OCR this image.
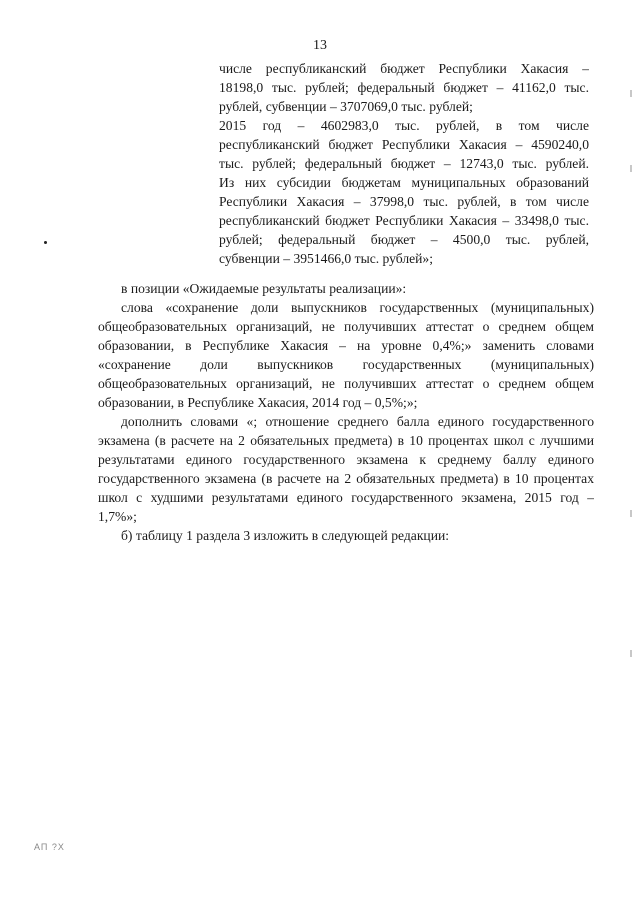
13
числе республиканский бюджет Республики Хакасия –
18198,0 тыс. рублей; федеральный бюджет – 41162,0 тыс.
рублей, субвенции – 3707069,0 тыс. рублей;
2015 год – 4602983,0 тыс. рублей, в том числе
республиканский бюджет Республики Хакасия – 4590240,0
тыс. рублей; федеральный бюджет – 12743,0 тыс. рублей.
Из них субсидии бюджетам муниципальных образований
Республики Хакасия – 37998,0 тыс. рублей, в том числе
республиканский бюджет Республики Хакасия – 33498,0 тыс.
рублей; федеральный бюджет – 4500,0 тыс. рублей,
субвенции – 3951466,0 тыс. рублей»;
в позиции «Ожидаемые результаты реализации»:
слова «сохранение доли выпускников государственных (муниципальных)
общеобразовательных организаций, не получивших аттестат о среднем общем
образовании, в Республике Хакасия – на уровне 0,4%;» заменить словами
«сохранение доли выпускников государственных (муниципальных)
общеобразовательных организаций, не получивших аттестат о среднем общем
образовании, в Республике Хакасия, 2014 год – 0,5%;»;
дополнить словами «; отношение среднего балла единого государственного
экзамена (в расчете на 2 обязательных предмета) в 10 процентах школ с лучшими
результатами единого государственного экзамена к среднему баллу единого
государственного экзамена (в расчете на 2 обязательных предмета) в 10 процентах
школ с худшими результатами единого государственного экзамена, 2015 год –
1,7%»;
б) таблицу 1 раздела 3 изложить в следующей редакции:
АП ?Х
